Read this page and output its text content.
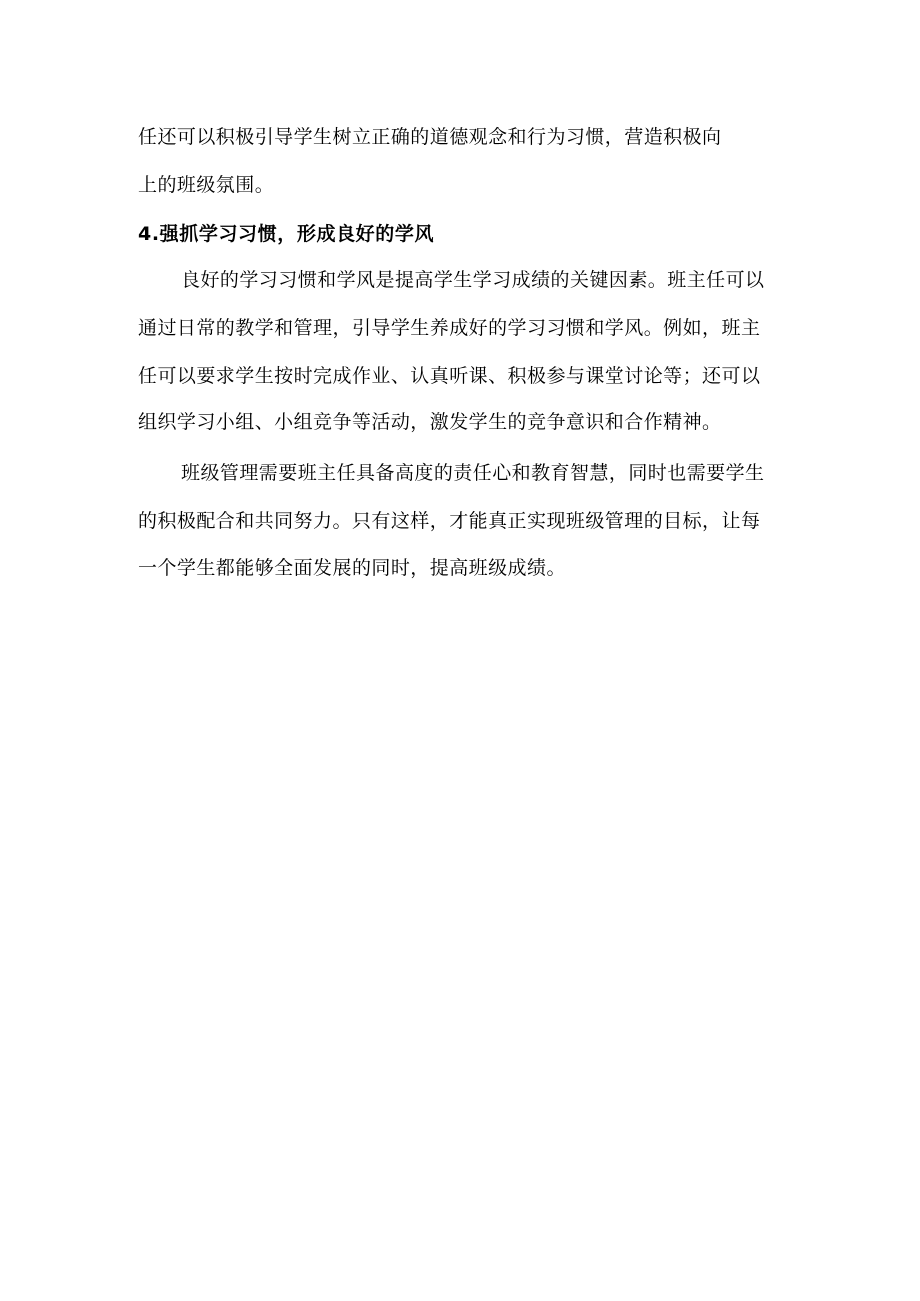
任还可以积极引导学生树立正确的道德观念和行为习惯，营造积极向
上的班级氛围。
4.强抓学习习惯，形成良好的学风
良好的学习习惯和学风是提高学生学习成绩的关键因素。班主任可以
通过日常的教学和管理，引导学生养成好的学习习惯和学风。例如，班主
任可以要求学生按时完成作业、认真听课、积极参与课堂讨论等；还可以
组织学习小组、小组竞争等活动，激发学生的竞争意识和合作精神。
班级管理需要班主任具备高度的责任心和教育智慧，同时也需要学生
的积极配合和共同努力。只有这样，才能真正实现班级管理的目标，让每
一个学生都能够全面发展的同时，提高班级成绩。
